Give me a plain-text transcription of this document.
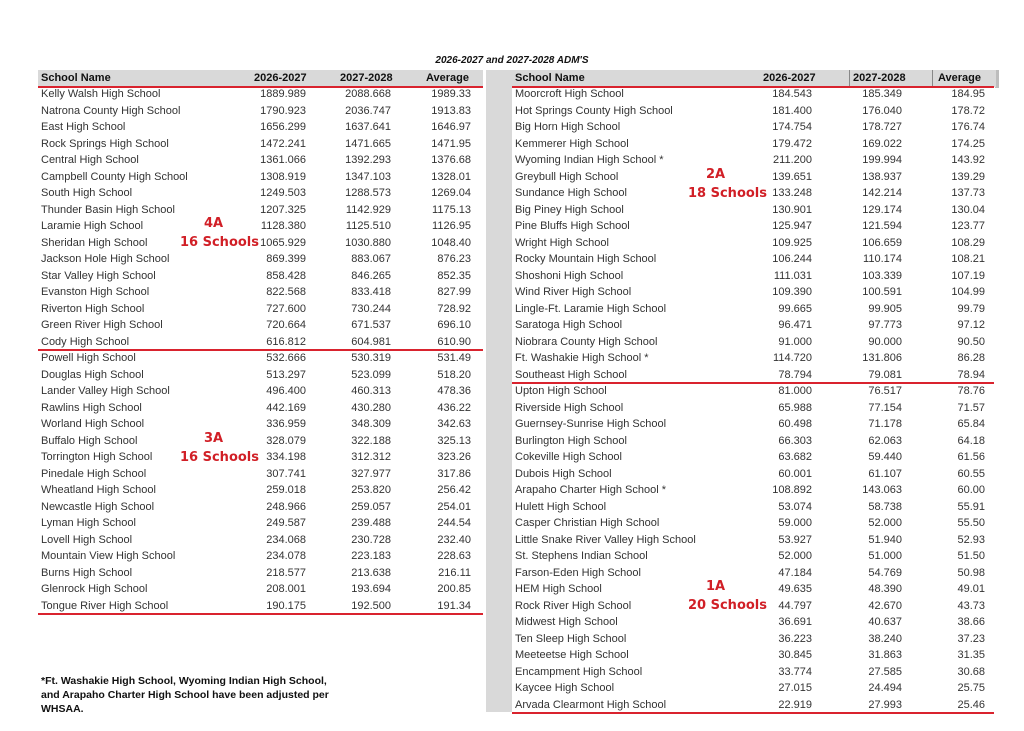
2026-2027 and 2027-2028 ADM'S
School Name	2026-2027	2027-2028	Average
Kelly Walsh High School	1889.989	2088.668	1989.33
Natrona County High School	1790.923	2036.747	1913.83
East High School	1656.299	1637.641	1646.97
Rock Springs High School	1472.241	1471.665	1471.95
Central High School	1361.066	1392.293	1376.68
Campbell County High School	1308.919	1347.103	1328.01
South High School	1249.503	1288.573	1269.04
Thunder Basin High School	1207.325	1142.929	1175.13
Laramie High School	1128.380	1125.510	1126.95
Sheridan High School	1065.929	1030.880	1048.40
Jackson Hole High School	869.399	883.067	876.23
Star Valley High School	858.428	846.265	852.35
Evanston High School	822.568	833.418	827.99
Riverton High School	727.600	730.244	728.92
Green River High School	720.664	671.537	696.10
Cody High School	616.812	604.981	610.90
4A
16 Schools
Powell High School	532.666	530.319	531.49
Douglas High School	513.297	523.099	518.20
Lander Valley High School	496.400	460.313	478.36
Rawlins High School	442.169	430.280	436.22
Worland High School	336.959	348.309	342.63
Buffalo High School	328.079	322.188	325.13
Torrington High School	334.198	312.312	323.26
Pinedale High School	307.741	327.977	317.86
Wheatland High School	259.018	253.820	256.42
Newcastle High School	248.966	259.057	254.01
Lyman High School	249.587	239.488	244.54
Lovell High School	234.068	230.728	232.40
Mountain View High School	234.078	223.183	228.63
Burns High School	218.577	213.638	216.11
Glenrock High School	208.001	193.694	200.85
Tongue River High School	190.175	192.500	191.34
3A
16 Schools
School Name	2026-2027	2027-2028	Average
Moorcroft High School	184.543	185.349	184.95
Hot Springs County High School	181.400	176.040	178.72
Big Horn High School	174.754	178.727	176.74
Kemmerer High School	179.472	169.022	174.25
Wyoming Indian High School *	211.200	199.994	143.92
Greybull High School	139.651	138.937	139.29
Sundance High School	133.248	142.214	137.73
Big Piney High School	130.901	129.174	130.04
Pine Bluffs High School	125.947	121.594	123.77
Wright High School	109.925	106.659	108.29
Rocky Mountain High School	106.244	110.174	108.21
Shoshoni High School	111.031	103.339	107.19
Wind River High School	109.390	100.591	104.99
Lingle-Ft. Laramie High School	99.665	99.905	99.79
Saratoga High School	96.471	97.773	97.12
Niobrara County High School	91.000	90.000	90.50
Ft. Washakie High School *	114.720	131.806	86.28
Southeast High School	78.794	79.081	78.94
2A
18 Schools
Upton High School	81.000	76.517	78.76
Riverside High School	65.988	77.154	71.57
Guernsey-Sunrise High School	60.498	71.178	65.84
Burlington High School	66.303	62.063	64.18
Cokeville High School	63.682	59.440	61.56
Dubois High School	60.001	61.107	60.55
Arapaho Charter High School *	108.892	143.063	60.00
Hulett High School	53.074	58.738	55.91
Casper Christian High School	59.000	52.000	55.50
Little Snake River Valley High School	53.927	51.940	52.93
St. Stephens Indian School	52.000	51.000	51.50
Farson-Eden High School	47.184	54.769	50.98
HEM High School	49.635	48.390	49.01
Rock River High School	44.797	42.670	43.73
Midwest High School	36.691	40.637	38.66
Ten Sleep High School	36.223	38.240	37.23
Meeteetse High School	30.845	31.863	31.35
Encampment High School	33.774	27.585	30.68
Kaycee High School	27.015	24.494	25.75
Arvada Clearmont High School	22.919	27.993	25.46
1A
20 Schools
*Ft. Washakie High School, Wyoming Indian High School, and Arapaho Charter High School have been adjusted per WHSAA.
